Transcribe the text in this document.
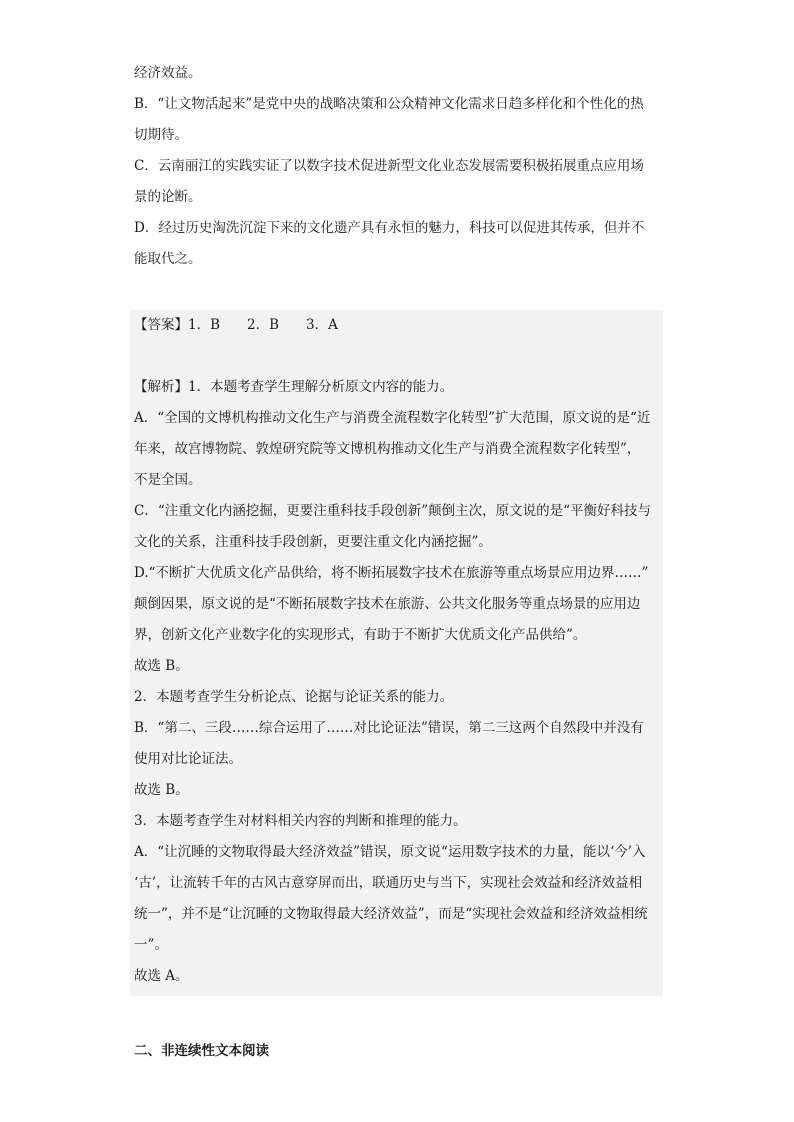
经济效益。

B．“让文物活起来”是党中央的战略决策和公众精神文化需求日趋多样化和个性化的热

切期待。

C．云南丽江的实践实证了以数字技术促进新型文化业态发展需要积极拓展重点应用场

景的论断。

D．经过历史淘洗沉淀下来的文化遗产具有永恒的魅力，科技可以促进其传承，但并不

能取代之。

【答案】1．B　　2．B　　3．A

【解析】1．本题考查学生理解分析原文内容的能力。

A．“全国的文博机构推动文化生产与消费全流程数字化转型”扩大范围，原文说的是“近

年来，故宫博物院、敦煌研究院等文博机构推动文化生产与消费全流程数字化转型”，

不是全国。

C．“注重文化内涵挖掘，更要注重科技手段创新”颠倒主次，原文说的是“平衡好科技与

文化的关系，注重科技手段创新，更要注重文化内涵挖掘”。

D.“不断扩大优质文化产品供给，将不断拓展数字技术在旅游等重点场景应用边界……”

颠倒因果，原文说的是“不断拓展数字技术在旅游、公共文化服务等重点场景的应用边

界，创新文化产业数字化的实现形式，有助于不断扩大优质文化产品供给”。

故选 B。

2．本题考查学生分析论点、论据与论证关系的能力。

B．“第二、三段……综合运用了……对比论证法”错误，第二三这两个自然段中并没有

使用对比论证法。

故选 B。

3．本题考查学生对材料相关内容的判断和推理的能力。

A．“让沉睡的文物取得最大经济效益”错误，原文说“运用数字技术的力量，能以‘今’入

‘古’，让流转千年的古风古意穿屏而出，联通历史与当下，实现社会效益和经济效益相

统一”，并不是“让沉睡的文物取得最大经济效益”，而是“实现社会效益和经济效益相统

一”。

故选 A。

二、非连续性文本阅读
